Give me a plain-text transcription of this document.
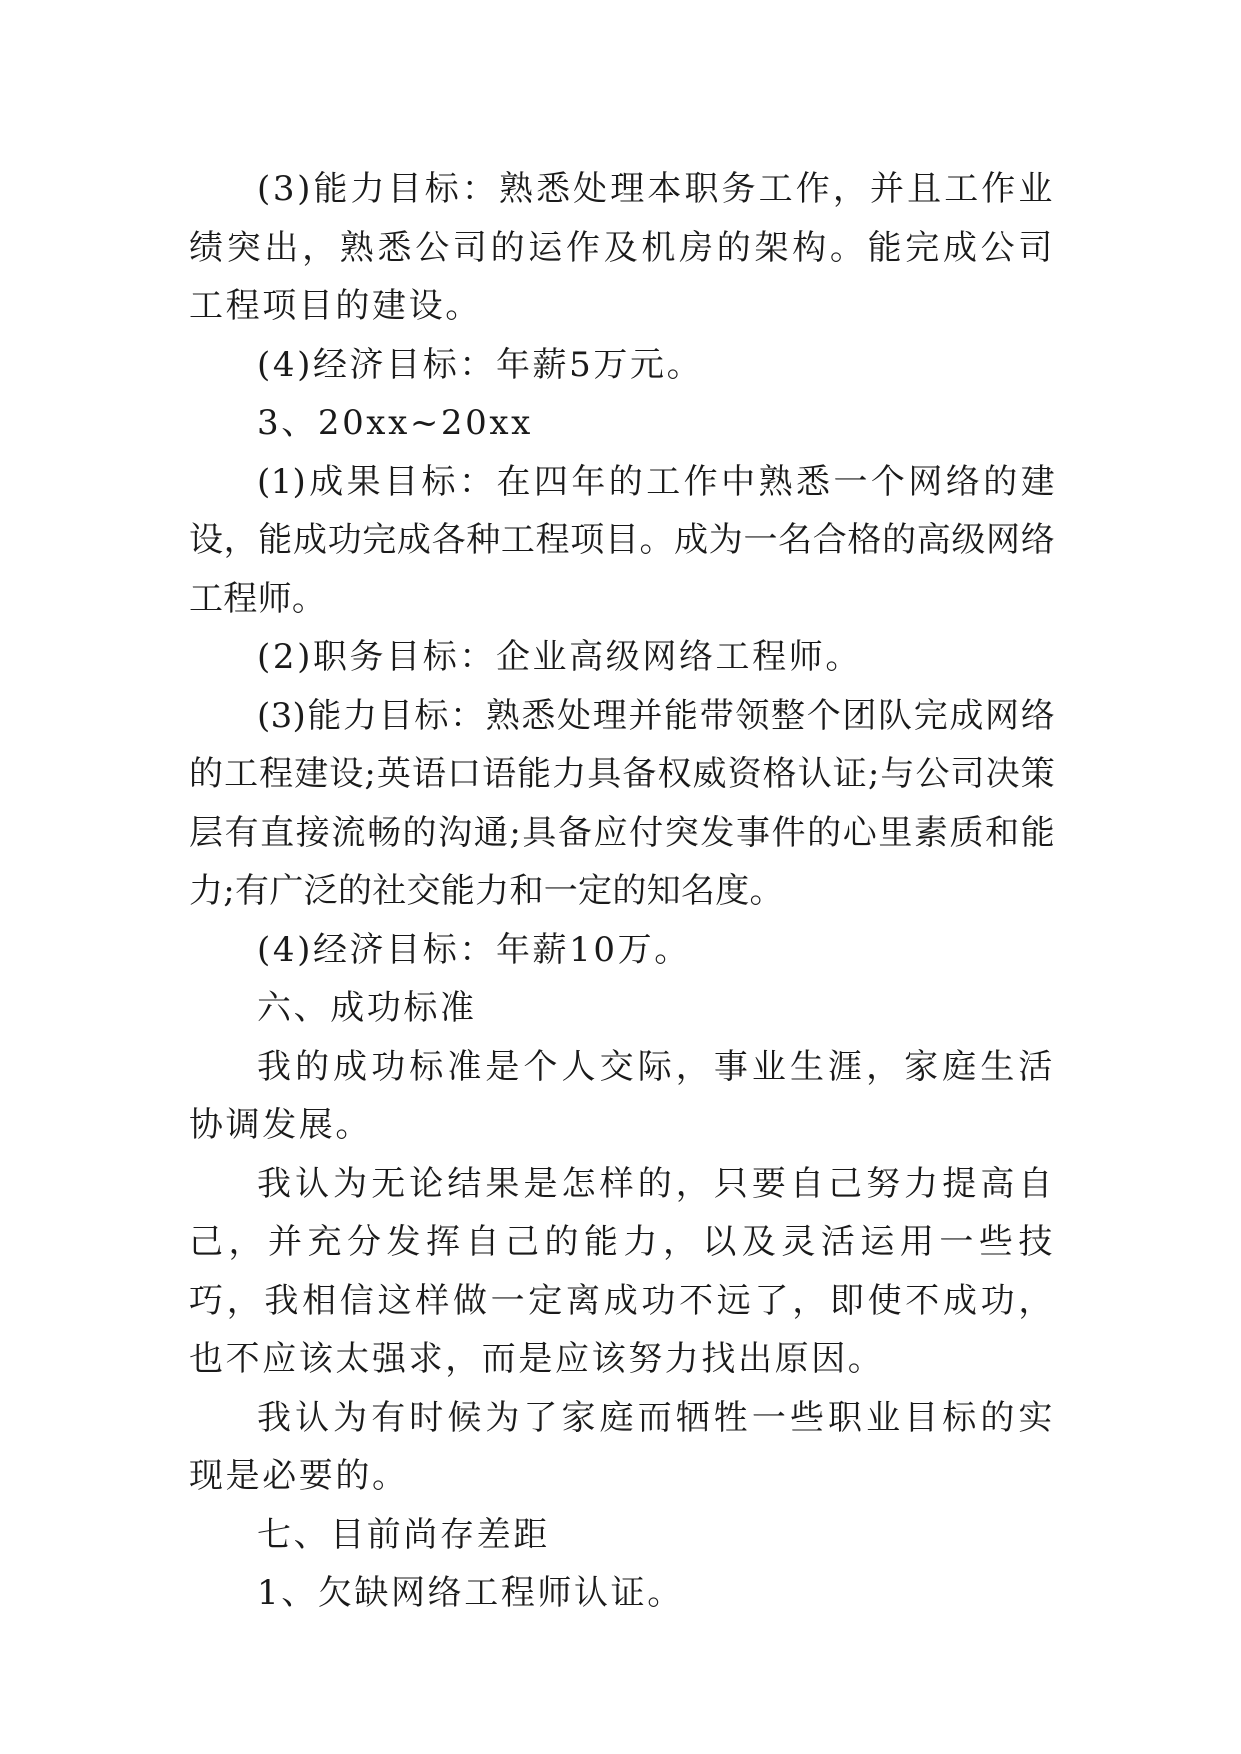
(3)能力目标：熟悉处理本职务工作，并且工作业绩突出，熟悉公司的运作及机房的架构。能完成公司工程项目的建设。

(4)经济目标：年薪5万元。

3、20xx~20xx

(1)成果目标：在四年的工作中熟悉一个网络的建设，能成功完成各种工程项目。成为一名合格的高级网络工程师。

(2)职务目标：企业高级网络工程师。

(3)能力目标：熟悉处理并能带领整个团队完成网络的工程建设;英语口语能力具备权威资格认证;与公司决策层有直接流畅的沟通;具备应付突发事件的心里素质和能力;有广泛的社交能力和一定的知名度。

(4)经济目标：年薪10万。

六、成功标准

我的成功标准是个人交际，事业生涯，家庭生活协调发展。

我认为无论结果是怎样的，只要自己努力提高自己，并充分发挥自己的能力，以及灵活运用一些技巧，我相信这样做一定离成功不远了，即使不成功，也不应该太强求，而是应该努力找出原因。

我认为有时候为了家庭而牺牲一些职业目标的实现是必要的。

七、目前尚存差距

1、欠缺网络工程师认证。
